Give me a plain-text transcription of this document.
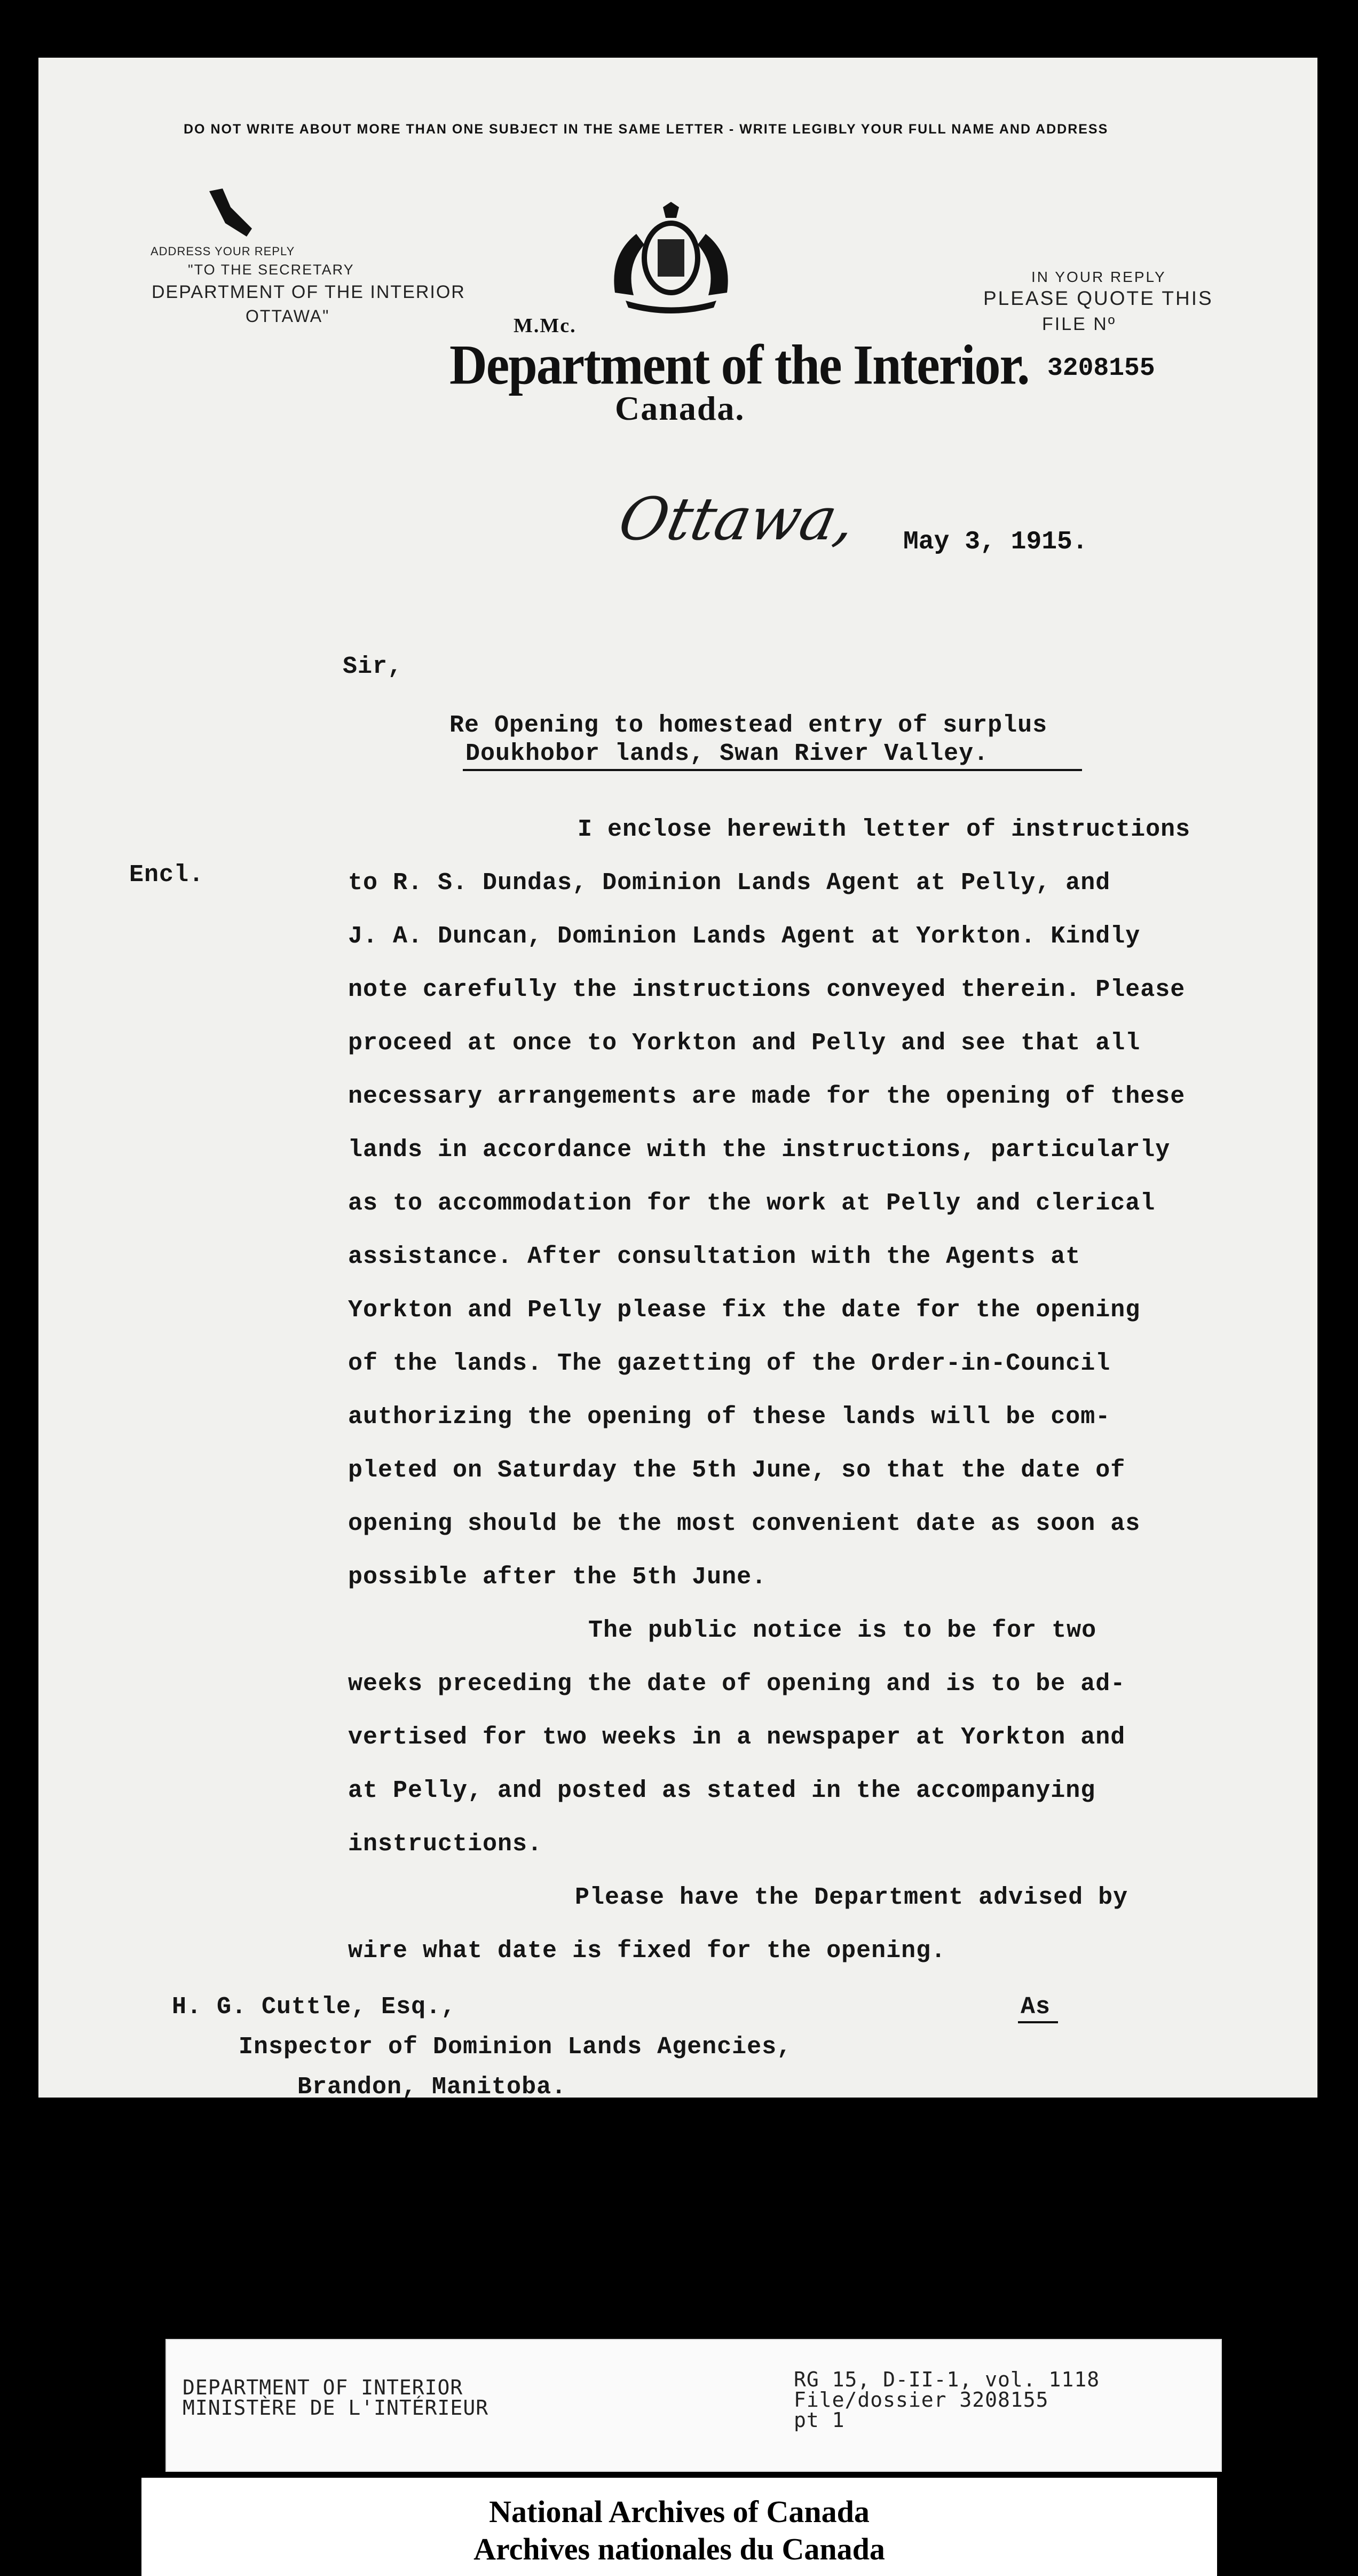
DO NOT WRITE ABOUT MORE THAN ONE SUBJECT IN THE SAME LETTER - WRITE LEGIBLY YOUR FULL NAME AND ADDRESS
ADDRESS YOUR REPLY
"TO THE SECRETARY
DEPARTMENT OF THE INTERIOR
OTTAWA"	M.Mc.
Department of the Interior.
Canada.
IN YOUR REPLY
PLEASE QUOTE THIS
FILE Nº
3208155
Ottawa, May 3, 1915.
Sir,
Re Opening to homestead entry of surplus
Doukhobor lands, Swan River Valley.
Encl.
I enclose herewith letter of instructions
to R. S. Dundas, Dominion Lands Agent at Pelly, and
J. A. Duncan, Dominion Lands Agent at Yorkton. Kindly
note carefully the instructions conveyed therein. Please
proceed at once to Yorkton and Pelly and see that all
necessary arrangements are made for the opening of these
lands in accordance with the instructions, particularly
as to accommodation for the work at Pelly and clerical
assistance. After consultation with the Agents at
Yorkton and Pelly please fix the date for the opening
of the lands. The gazetting of the Order-in-Council
authorizing the opening of these lands will be com-
pleted on Saturday the 5th June, so that the date of
opening should be the most convenient date as soon as
possible after the 5th June.
The public notice is to be for two
weeks preceding the date of opening and is to be ad-
vertised for two weeks in a newspaper at Yorkton and
at Pelly, and posted as stated in the accompanying
instructions.
Please have the Department advised by
wire what date is fixed for the opening.
H. G. Cuttle, Esq.,
Inspector of Dominion Lands Agencies,
Brandon, Manitoba.
As
DEPARTMENT OF INTERIOR
MINISTÈRE DE L'INTÉRIEUR
RG 15, D-II-1, vol. 1118
File/dossier 3208155
pt 1
National Archives of Canada
Archives nationales du Canada
